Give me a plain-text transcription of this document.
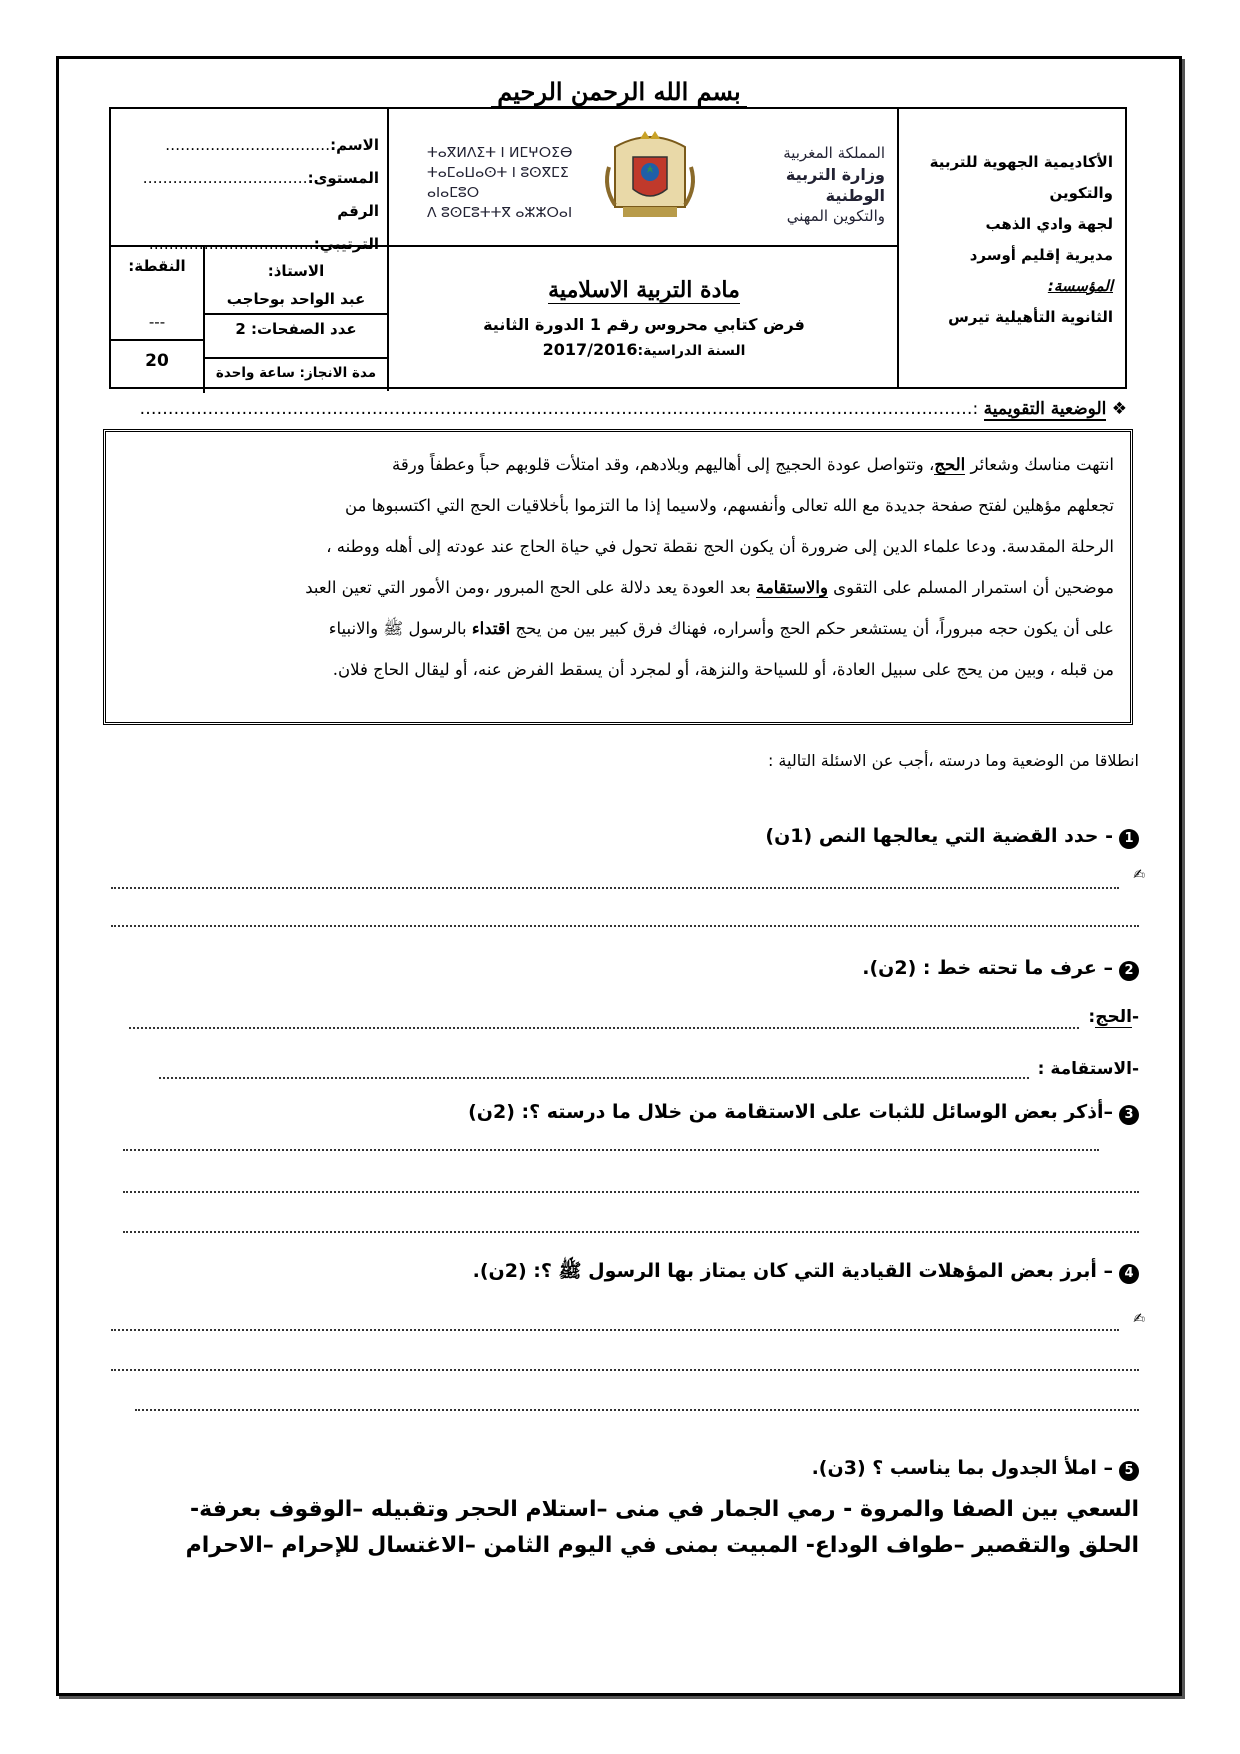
بسم الله الرحمن الرحيم
الأكاديمية الجهوية للتربية والتكوين
لجهة وادي الذهب
مديرية إقليم أوسرد
المؤسسة:
الثانوية التأهيلية تيرس
المملكة المغربية
وزارة التربية الوطنية
والتكوين المهني
ⵜⴰⴳⵍⴷⵉⵜ ⵏ ⵍⵎⵖⵔⵉⴱ
ⵜⴰⵎⴰⵡⴰⵙⵜ ⵏ ⵓⵙⴳⵎⵉ ⴰⵏⴰⵎⵓⵔ
ⴷ ⵓⵙⵎⵓⵜⵜⴳ ⴰⵣⵣⵔⴰⵏ
مادة التربية الاسلامية
فرض كتابي محروس رقم 1 الدورة الثانية
السنة الدراسية:2017/2016
الاسم:……………………………
المستوى:……………………………
الرقم الترتيبي:……………………………
الاستاذ:
عبد الواحد بوحاجب
عدد الصفحات: 2
النقطة:
---
20
مدة الانجاز: ساعة واحدة
❖ الوضعية التقويمية :…………………………………………………………………………………………………………………………………
انتهت مناسك وشعائر الحج، وتتواصل عودة الحجيج إلى أهاليهم وبلادهم، وقد امتلأت قلوبهم حباً وعطفاً ورقة
تجعلهم مؤهلين لفتح صفحة جديدة مع الله تعالى وأنفسهم، ولاسيما إذا ما التزموا بأخلاقيات الحج التي اكتسبوها من
الرحلة المقدسة. ودعا علماء الدين إلى ضرورة أن يكون الحج نقطة تحول في حياة الحاج عند عودته إلى أهله ووطنه ،
موضحين أن استمرار المسلم على التقوى والاستقامة بعد العودة يعد دلالة على الحج المبرور ،ومن الأمور التي تعين العبد
على أن يكون حجه مبروراً، أن يستشعر حكم الحج وأسراره، فهناك فرق كبير بين من يحج اقتداء بالرسول ﷺ والانبياء
من قبله ، وبين من يحج على سبيل العادة، أو للسياحة والنزهة، أو لمجرد أن يسقط الفرض عنه، أو ليقال الحاج فلان.
انطلاقا من الوضعية وما درسته ،أجب عن الاسئلة التالية :
1- حدد القضية التي يعالجها النص (1ن)
✍
2– عرف ما تحته خط : (2ن).
-الحج:
-الاستقامة :
3–أذكر بعض الوسائل للثبات على الاستقامة من خلال ما درسته ؟: (2ن)
4– أبرز بعض المؤهلات القيادية التي كان يمتاز بها الرسول ﷺ ؟: (2ن).
✍
5– املأ الجدول بما يناسب ؟ (3ن).
السعي بين الصفا والمروة - رمي الجمار في منى –استلام الحجر وتقبيله –الوقوف بعرفة-
الحلق والتقصير –طواف الوداع- المبيت بمنى في اليوم الثامن –الاغتسال للإحرام –الاحرام
